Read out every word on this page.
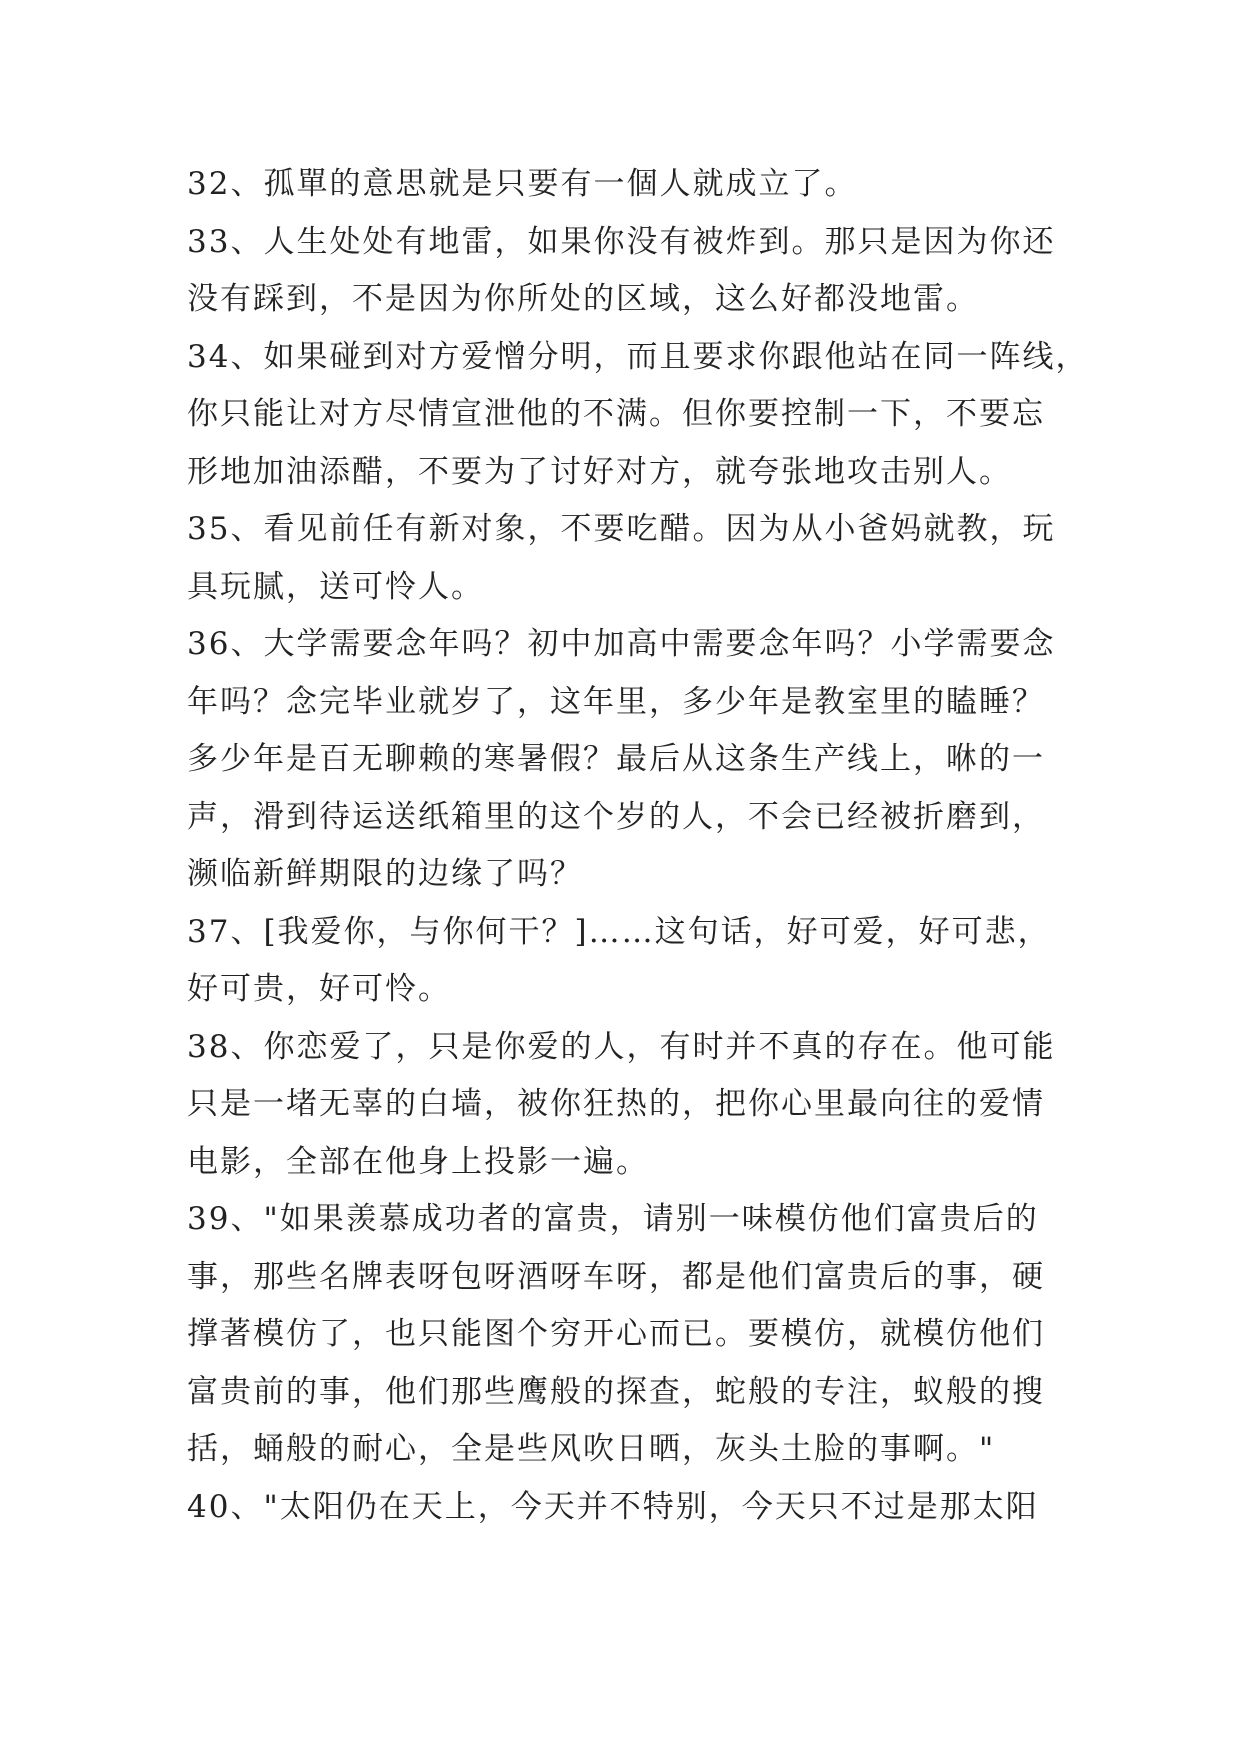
32、孤單的意思就是只要有一個人就成立了。
33、人生处处有地雷，如果你没有被炸到。那只是因为你还
没有踩到，不是因为你所处的区域，这么好都没地雷。
34、如果碰到对方爱憎分明，而且要求你跟他站在同一阵线，
你只能让对方尽情宣泄他的不满。但你要控制一下，不要忘
形地加油添醋，不要为了讨好对方，就夸张地攻击别人。
35、看见前任有新对象，不要吃醋。因为从小爸妈就教，玩
具玩腻，送可怜人。
36、大学需要念年吗？初中加高中需要念年吗？小学需要念
年吗？念完毕业就岁了，这年里，多少年是教室里的瞌睡？
多少年是百无聊赖的寒暑假？最后从这条生产线上，咻的一
声，滑到待运送纸箱里的这个岁的人，不会已经被折磨到，
濒临新鲜期限的边缘了吗？
37、[我爱你，与你何干？]……这句话，好可爱，好可悲，
好可贵，好可怜。
38、你恋爱了，只是你爱的人，有时并不真的存在。他可能
只是一堵无辜的白墙，被你狂热的，把你心里最向往的爱情
电影，全部在他身上投影一遍。
39、"如果羡慕成功者的富贵，请别一味模仿他们富贵后的
事，那些名牌表呀包呀酒呀车呀，都是他们富贵后的事，硬
撑著模仿了，也只能图个穷开心而已。要模仿，就模仿他们
富贵前的事，他们那些鹰般的探查，蛇般的专注，蚁般的搜
括，蛹般的耐心，全是些风吹日晒，灰头土脸的事啊。"
40、"太阳仍在天上，今天并不特别，今天只不过是那太阳
